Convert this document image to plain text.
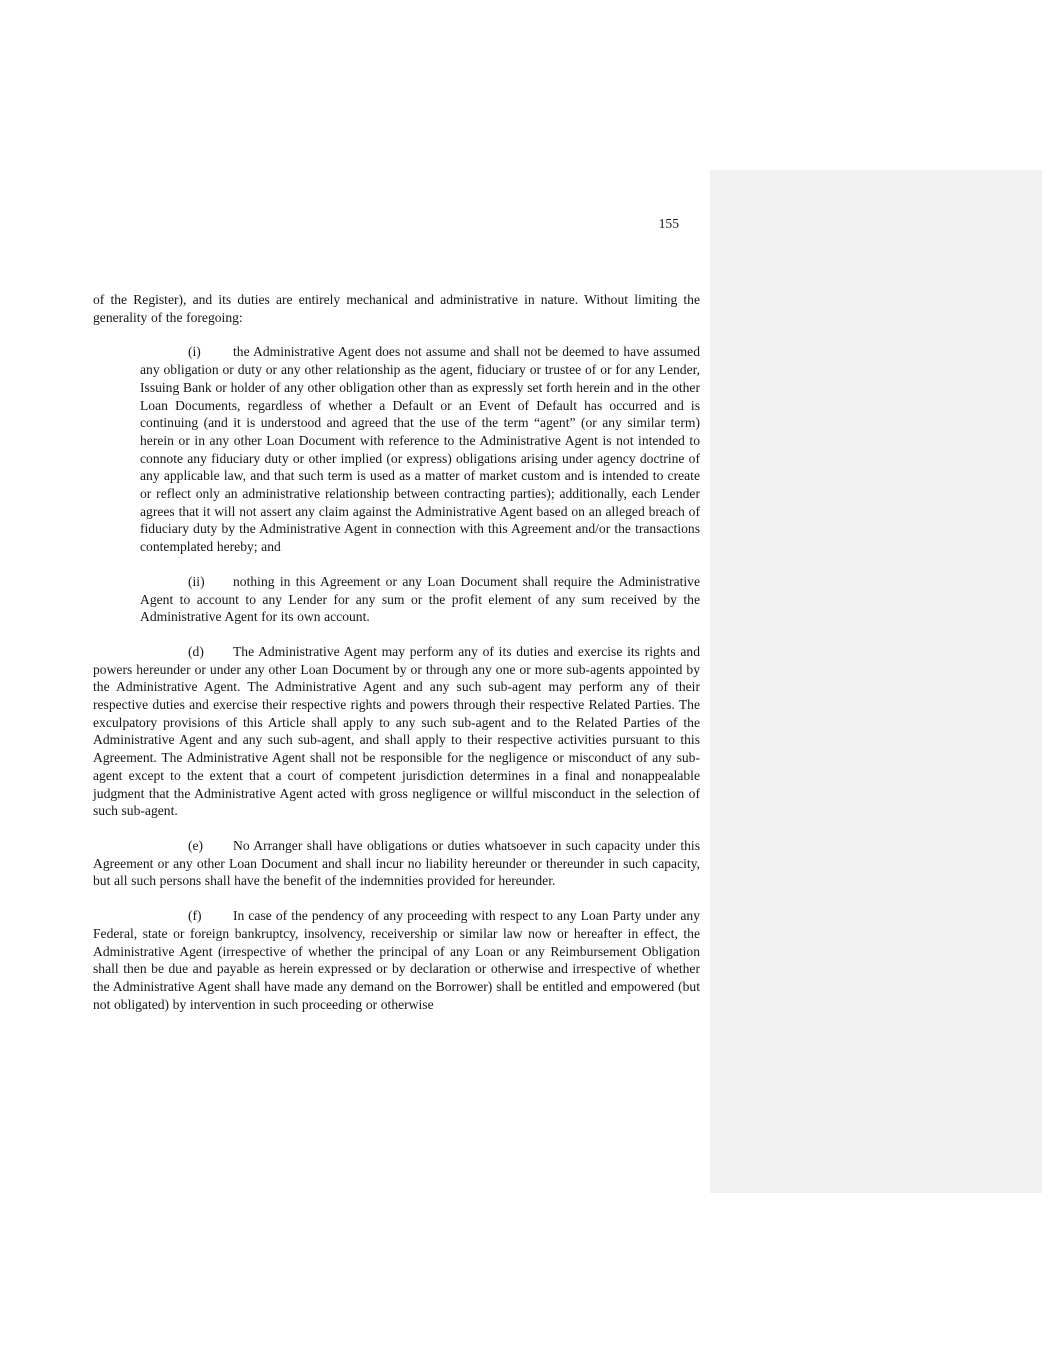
155

of the Register), and its duties are entirely mechanical and administrative in nature. Without limiting the generality of the foregoing:

(i) the Administrative Agent does not assume and shall not be deemed to have assumed any obligation or duty or any other relationship as the agent, fiduciary or trustee of or for any Lender, Issuing Bank or holder of any other obligation other than as expressly set forth herein and in the other Loan Documents, regardless of whether a Default or an Event of Default has occurred and is continuing (and it is understood and agreed that the use of the term “agent” (or any similar term) herein or in any other Loan Document with reference to the Administrative Agent is not intended to connote any fiduciary duty or other implied (or express) obligations arising under agency doctrine of any applicable law, and that such term is used as a matter of market custom and is intended to create or reflect only an administrative relationship between contracting parties); additionally, each Lender agrees that it will not assert any claim against the Administrative Agent based on an alleged breach of fiduciary duty by the Administrative Agent in connection with this Agreement and/or the transactions contemplated hereby; and

(ii) nothing in this Agreement or any Loan Document shall require the Administrative Agent to account to any Lender for any sum or the profit element of any sum received by the Administrative Agent for its own account.

(d) The Administrative Agent may perform any of its duties and exercise its rights and powers hereunder or under any other Loan Document by or through any one or more sub-agents appointed by the Administrative Agent. The Administrative Agent and any such sub-agent may perform any of their respective duties and exercise their respective rights and powers through their respective Related Parties. The exculpatory provisions of this Article shall apply to any such sub-agent and to the Related Parties of the Administrative Agent and any such sub-agent, and shall apply to their respective activities pursuant to this Agreement. The Administrative Agent shall not be responsible for the negligence or misconduct of any sub-agent except to the extent that a court of competent jurisdiction determines in a final and nonappealable judgment that the Administrative Agent acted with gross negligence or willful misconduct in the selection of such sub-agent.

(e) No Arranger shall have obligations or duties whatsoever in such capacity under this Agreement or any other Loan Document and shall incur no liability hereunder or thereunder in such capacity, but all such persons shall have the benefit of the indemnities provided for hereunder.

(f) In case of the pendency of any proceeding with respect to any Loan Party under any Federal, state or foreign bankruptcy, insolvency, receivership or similar law now or hereafter in effect, the Administrative Agent (irrespective of whether the principal of any Loan or any Reimbursement Obligation shall then be due and payable as herein expressed or by declaration or otherwise and irrespective of whether the Administrative Agent shall have made any demand on the Borrower) shall be entitled and empowered (but not obligated) by intervention in such proceeding or otherwise
